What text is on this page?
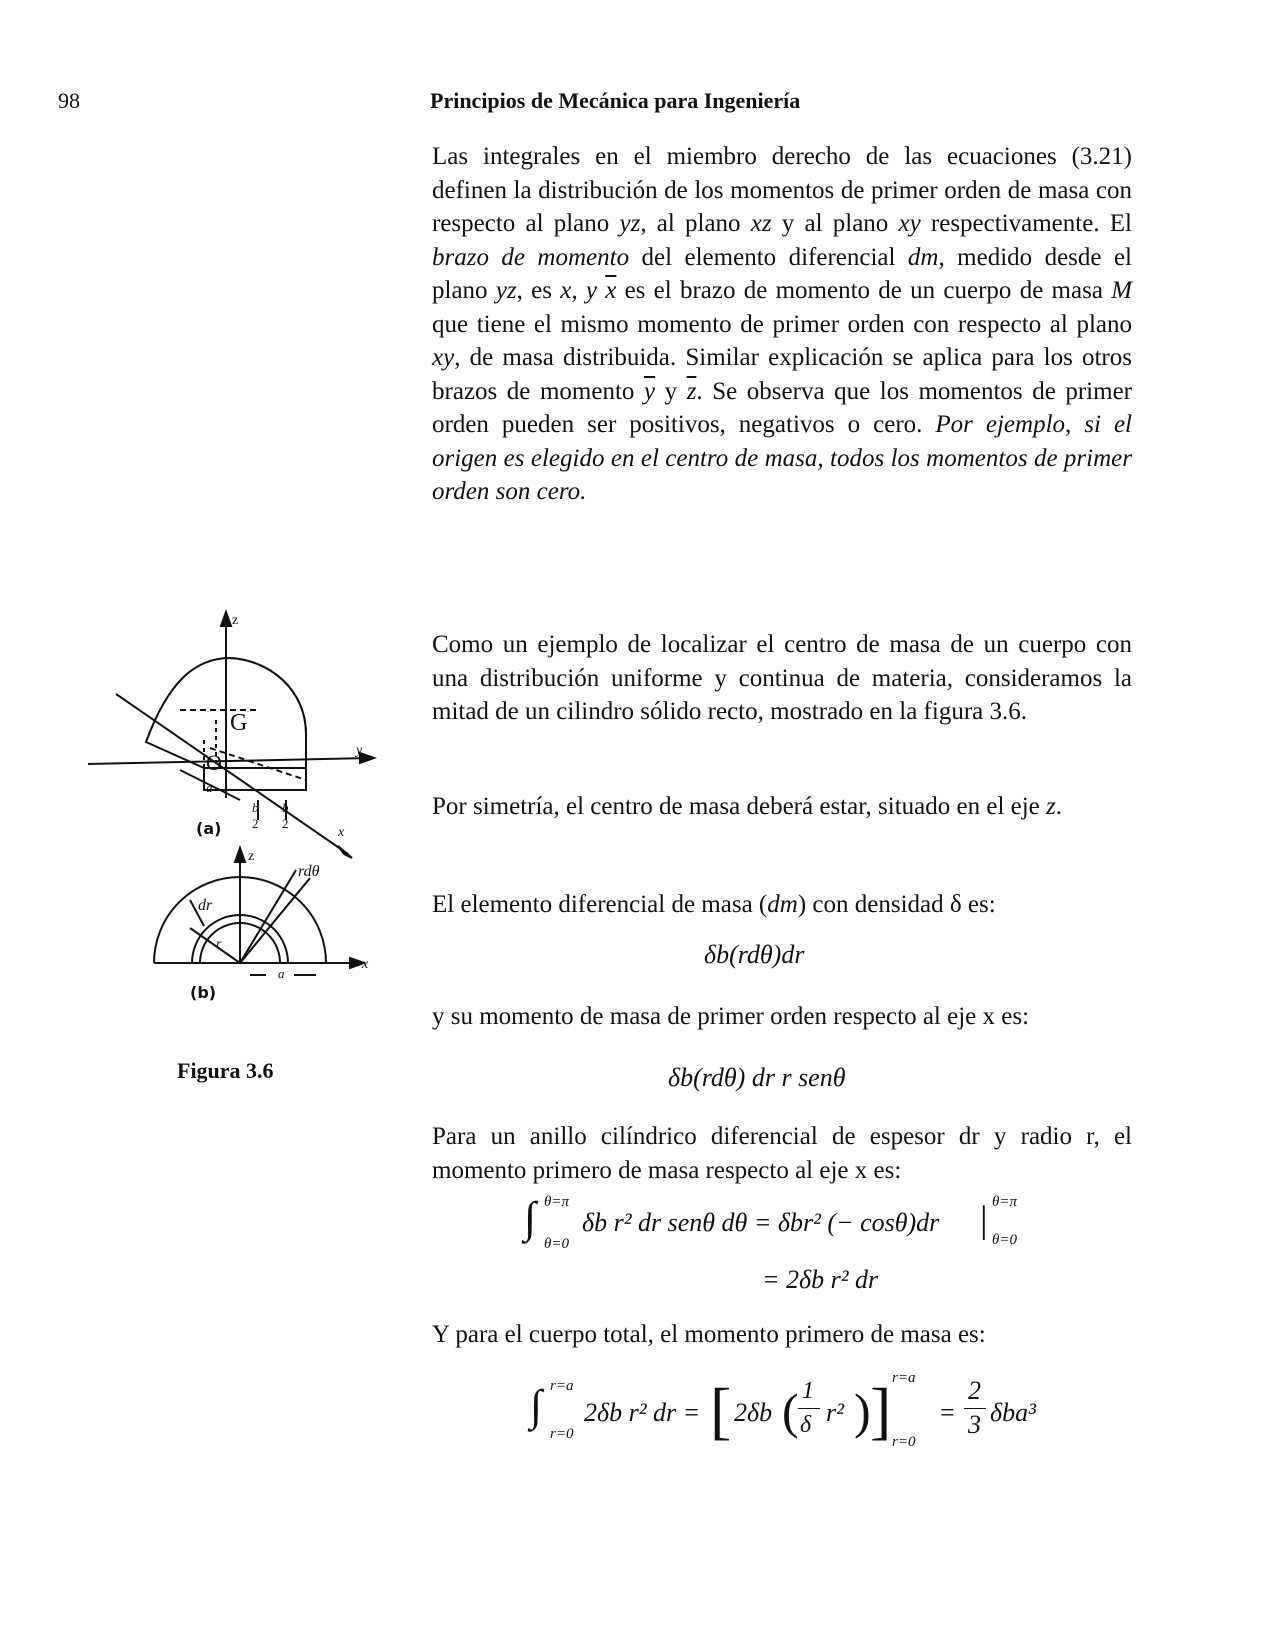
98	Principios de Mecánica para Ingeniería

Las integrales en el miembro derecho de las ecuaciones (3.21) definen la distribución de los momentos de primer orden de masa con respecto al plano yz, al plano xz y al plano xy respectivamente. El brazo de momento del elemento diferencial dm, medido desde el plano yz, es x, y $\overline{x}$ es el brazo de momento de un cuerpo de masa M que tiene el mismo momento de primer orden con respecto al plano xy, de masa distribuida. Similar explicación se aplica para los otros brazos de momento $\overline{y}$ y $\overline{z}$. Se observa que los momentos de primer orden pueden ser positivos, negativos o cero. Por ejemplo, si el origen es elegido en el centro de masa, todos los momentos de primer orden son cero.

Como un ejemplo de localizar el centro de masa de un cuerpo con una distribución uniforme y continua de materia, consideramos la mitad de un cilindro sólido recto, mostrado en la figura 3.6.

Por simetría, el centro de masa deberá estar, situado en el eje z.

El elemento diferencial de masa (dm) con densidad δ es:

δb(rdθ)dr

y su momento de masa de primer orden respecto al eje x es:

δb(rdθ) dr r senθ

Para un anillo cilíndrico diferencial de espesor dr y radio r, el momento primero de masa respecto al eje x es:

∫ θ=π
θ=0
δb r² dr senθ dθ = δbr² (− cosθ)dr | θ=π
θ=0
= 2δb r² dr

Y para el cuerpo total, el momento primero de masa es:

∫ r=a
r=0
2δb r² dr = [ 2δb ( 1
δ r² ) ] r=a
r=0
=
2
3 δba³
z
y
x
G
O
a
b b
2 2
(a)
z
x
rdθ
dr
r
a
(b)
Figura 3.6
